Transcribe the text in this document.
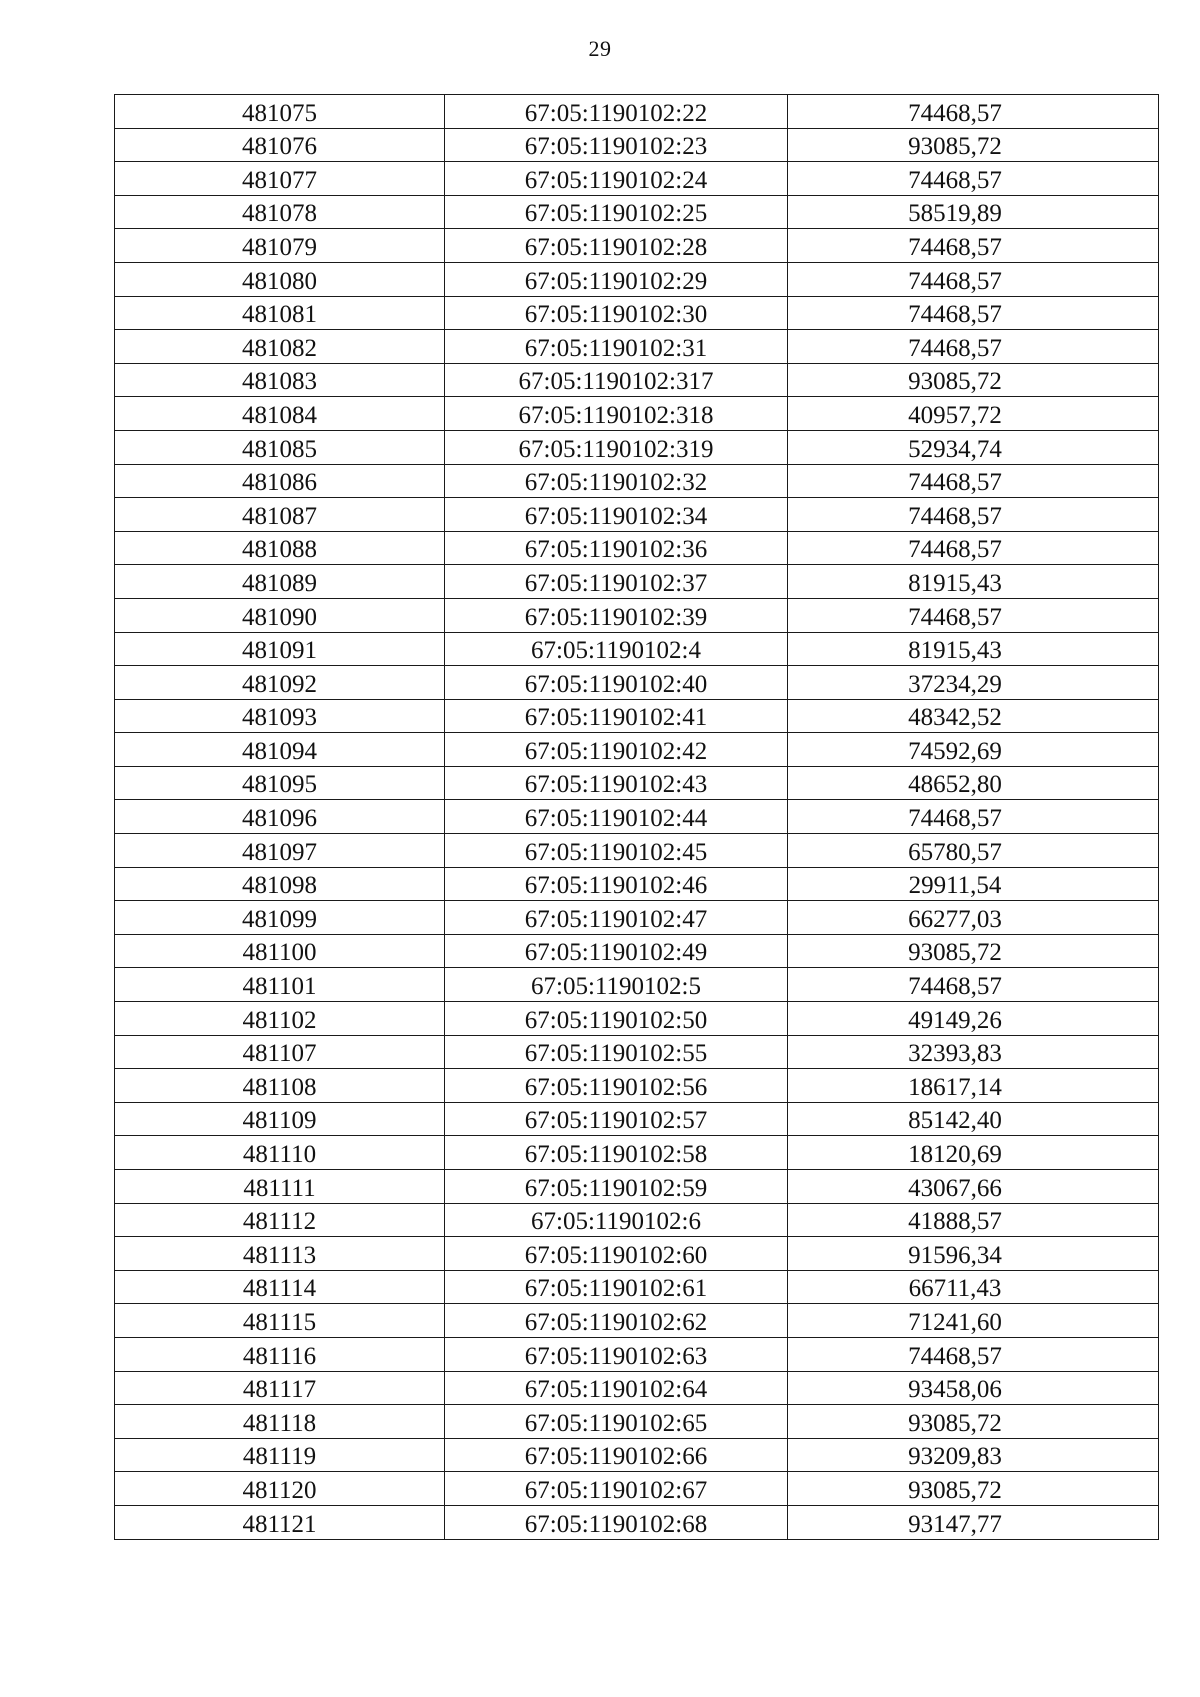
29
481075	67:05:1190102:22	74468,57
481076	67:05:1190102:23	93085,72
481077	67:05:1190102:24	74468,57
481078	67:05:1190102:25	58519,89
481079	67:05:1190102:28	74468,57
481080	67:05:1190102:29	74468,57
481081	67:05:1190102:30	74468,57
481082	67:05:1190102:31	74468,57
481083	67:05:1190102:317	93085,72
481084	67:05:1190102:318	40957,72
481085	67:05:1190102:319	52934,74
481086	67:05:1190102:32	74468,57
481087	67:05:1190102:34	74468,57
481088	67:05:1190102:36	74468,57
481089	67:05:1190102:37	81915,43
481090	67:05:1190102:39	74468,57
481091	67:05:1190102:4	81915,43
481092	67:05:1190102:40	37234,29
481093	67:05:1190102:41	48342,52
481094	67:05:1190102:42	74592,69
481095	67:05:1190102:43	48652,80
481096	67:05:1190102:44	74468,57
481097	67:05:1190102:45	65780,57
481098	67:05:1190102:46	29911,54
481099	67:05:1190102:47	66277,03
481100	67:05:1190102:49	93085,72
481101	67:05:1190102:5	74468,57
481102	67:05:1190102:50	49149,26
481107	67:05:1190102:55	32393,83
481108	67:05:1190102:56	18617,14
481109	67:05:1190102:57	85142,40
481110	67:05:1190102:58	18120,69
481111	67:05:1190102:59	43067,66
481112	67:05:1190102:6	41888,57
481113	67:05:1190102:60	91596,34
481114	67:05:1190102:61	66711,43
481115	67:05:1190102:62	71241,60
481116	67:05:1190102:63	74468,57
481117	67:05:1190102:64	93458,06
481118	67:05:1190102:65	93085,72
481119	67:05:1190102:66	93209,83
481120	67:05:1190102:67	93085,72
481121	67:05:1190102:68	93147,77
